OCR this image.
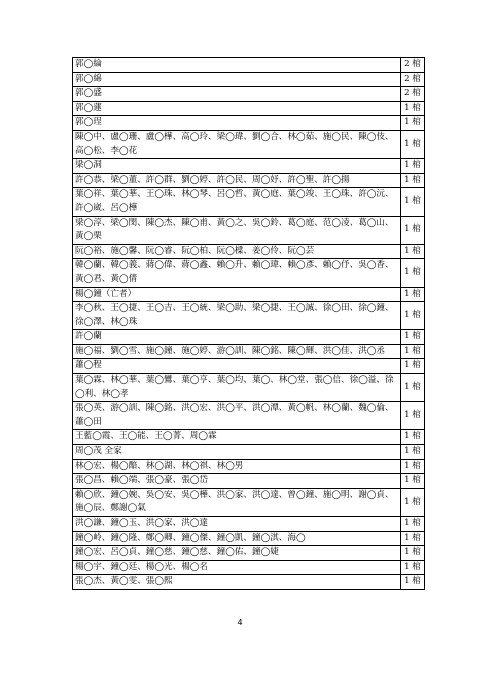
郭◯綸	2 棺
郭◯綿	2 棺
郭◯盛	2 棺
郭◯蓮	1 棺
郭◯珵	1 棺
陳◯中、盧◯珊、盧◯樺、高◯玲、梁◯瑋、劉◯合、林◯茹、施◯民、陳◯伎、高◯松、李◯花	1 棺
梁◯洞	1 棺
許◯恭、梁◯董、許◯群、劉◯婷、許◯民、周◯妤、許◯聖、許◯揚	1 棺
葉◯祥、葉◯華、王◯珠、林◯琴、呂◯哲、黃◯庭、葉◯竣、王◯珠、許◯沅、許◯崴、呂◯樺	1 棺
梁◯淳、梁◯閔、陳◯杰、陳◯甫、黃◯之、吳◯鈴、葛◯庭、范◯凌、葛◯山、黃◯栗	1 棺
阮◯裕、施◯馨、阮◯睿、阮◯柏、阮◯樑、姜◯伶、阮◯芸	1 棺
韓◯蘭、韓◯義、蔣◯偉、蔣◯鑫、賴◯升、賴◯瑋、賴◯彥、賴◯伃、吳◯香、黃◯君、黃◯倩	1 棺
楊◯鐘（亡者）	1 棺
李◯秋、王◯捷、王◯吉、王◯統、梁◯助、梁◯捷、王◯誠、徐◯田、徐◯鐘、徐◯澤、林◯珠	1 棺
許◯蘭	1 棺
施◯福、劉◯雪、施◯鐘、施◯婷、游◯訓、陳◯銘、陳◯輝、洪◯佳、洪◯丞	1 棺
蕭◯程	1 棺
葉◯霖、林◯華、葉◯鸞、葉◯亨、葉◯均、葉◯、林◯堂、張◯信、徐◯溢、徐◯利、林◯孝	1 棺
張◯英、游◯訓、陳◯銘、洪◯宏、洪◯平、洪◯潭、黃◯帆、林◯蘭、魏◯倫、蕭◯田	1 棺
王藍◯霞、王◯能、王◯菁、周◯霖	1 棺
周◯茂 全家	1 棺
林◯宏、楊◯醅、林◯湖、林◯祺、林◯男	1 棺
張◯昌、賴◯端、張◯豪、張◯岱	1 棺
賴◯欣、鐘◯婉、吳◯安、吳◯樺、洪◯家、洪◯達、曾◯鐘、施◯明、謝◯貞、施◯辰、鄭謝◯氣	1 棺
洪◯謙、鐘◯玉、洪◯家、洪◯達	1 棺
鐘◯岭、鐘◯隆、鄭◯卿、鐘◯傑、鐘◯凱、鐘◯淇、海◯	1 棺
鐘◯宏、呂◯貞、鐘◯慈、鐘◯慈、鐘◯佑、鐘◯婕	1 棺
楊◯宇、鐘◯廷、楊◯光、楊◯名	1 棺
張◯杰、黃◯雯、張◯熙	1 棺
4
